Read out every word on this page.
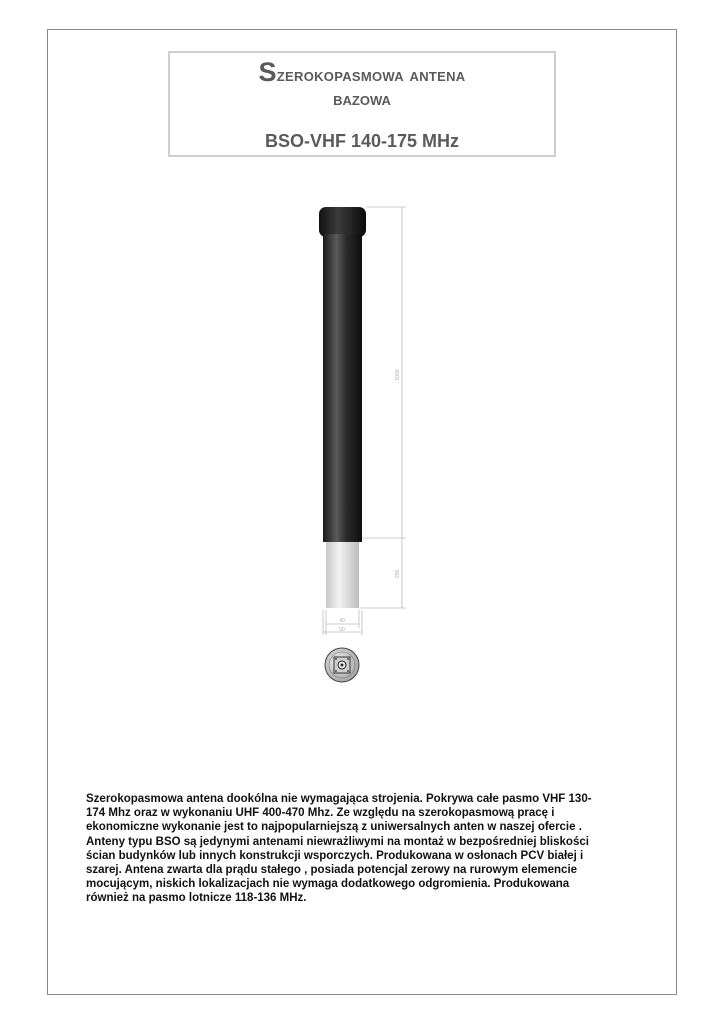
Szerokopasmowa antena
bazowa
BSO-VHF 140-175 MHz
1000
250
40
50

Szerokopasmowa antena dookólna nie wymagająca strojenia. Pokrywa całe pasmo VHF 130-
174 Mhz oraz w wykonaniu UHF 400-470 Mhz. Ze względu na szerokopasmową pracę i
ekonomiczne wykonanie jest to najpopularniejszą z uniwersalnych anten w naszej ofercie .
Anteny typu BSO są jedynymi antenami niewrażliwymi na montaż w bezpośredniej bliskości
ścian budynków lub innych konstrukcji wsporczych. Produkowana w osłonach PCV białej i
szarej. Antena zwarta dla prądu stałego , posiada potencjal zerowy na rurowym elemencie
mocującym, niskich lokalizacjach nie wymaga dodatkowego odgromienia. Produkowana
również na pasmo lotnicze 118-136 MHz.
